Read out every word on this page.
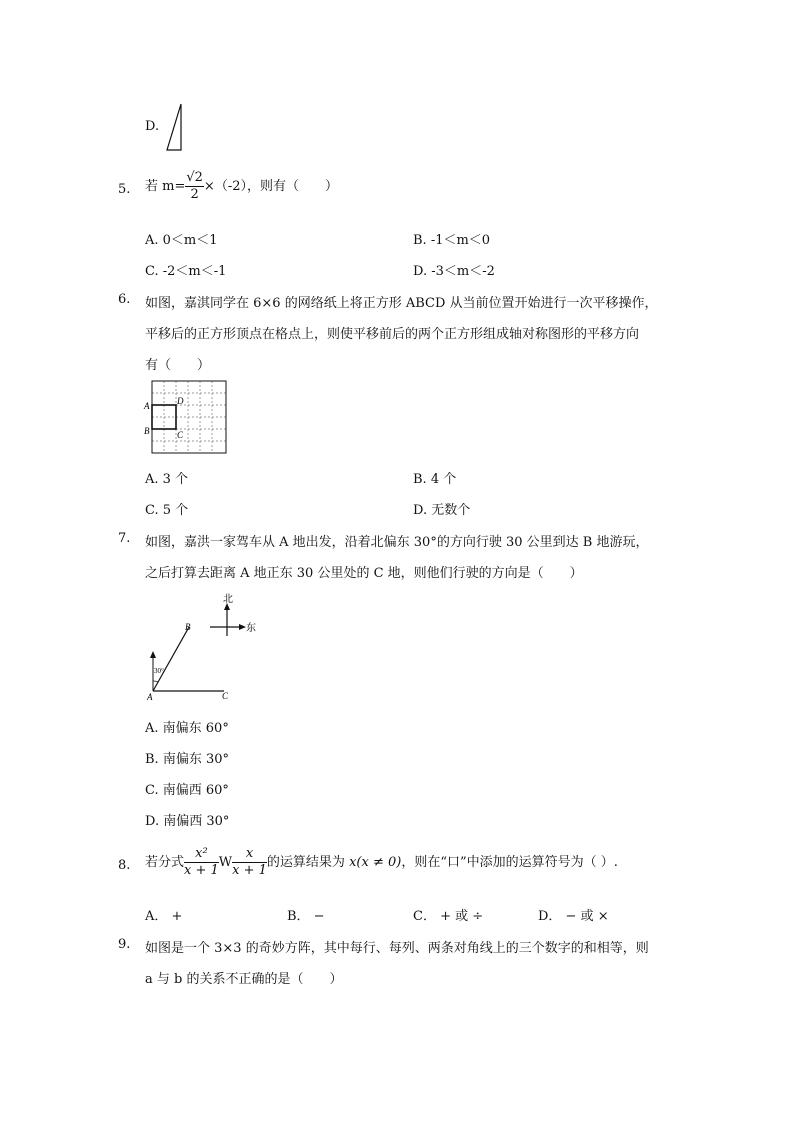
D.
5. 若 $m= \frac{√2}{2} \times(-2)$，则有（　　）
A. 0＜m＜1	B. -1＜m＜0
C. -2＜m＜-1	D. -3＜m＜-2
6. 如图，嘉淇同学在 6×6 的网络纸上将正方形 ABCD 从当前位置开始进行一次平移操作，
平移后的正方形顶点在格点上，则使平移前后的两个正方形组成轴对称图形的平移方向
有（　　）
A
B	C
D
A. 3 个	B. 4 个
C. 5 个	D. 无数个
7. 如图，嘉洪一家驾车从 A 地出发，沿着北偏东 30°的方向行驶 30 公里到达 B 地游玩，
之后打算去距离 A 地正东 30 公里处的 C 地，则他们行驶的方向是（　　）
北
东
30°
A
B
C
A. 南偏东 60°
B. 南偏东 30°
C. 南偏西 60°
D. 南偏西 30°
8. 若分式 $\frac{\text{x²}}{x + 1}$ W $\frac{x}{x + 1}$ 的运算结果为 x(x ≠ 0)，则在“口”中添加的运算符号为（ ）.
A． +	B． −	C． + 或 ÷	D． − 或 ×
9. 如图是一个 3×3 的奇妙方阵，其中每行、每列、两条对角线上的三个数字的和相等，则
a 与 b 的关系不正确的是（　　）
